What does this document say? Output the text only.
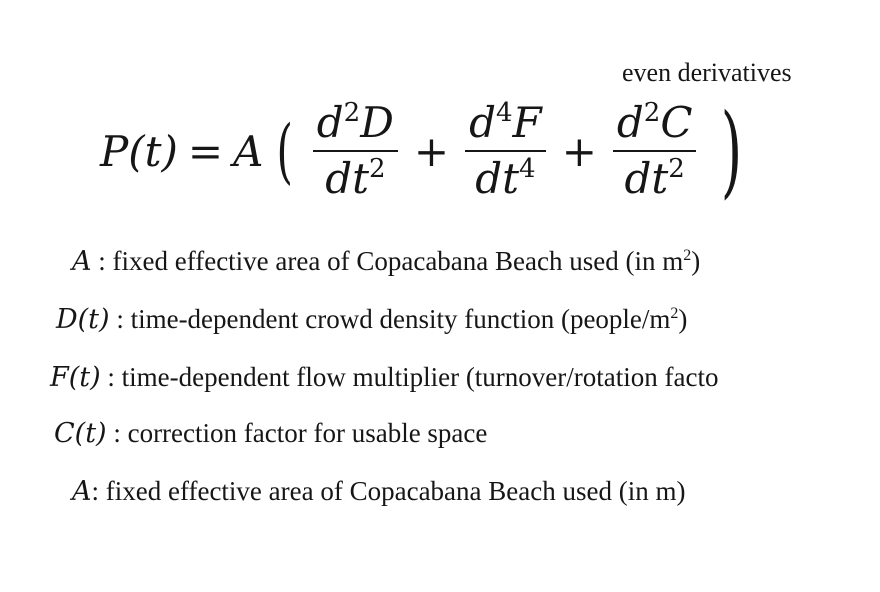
even derivatives
P(t) = A ( $\frac{d^2D}{dt^2} + \frac{d^4F}{dt^4} + \frac{d^2C}{dt^2}$ )
A : fixed effective area of Copacabana Beach used (in $m^2$)
D(t) : time-dependent crowd density function $(people/m^2)$
F(t) : time-dependent flow multiplier (turnover/rotation facto
C(t) : correction factor for usable space
A: fixed effective area of Copacabana Beach used (in m)
